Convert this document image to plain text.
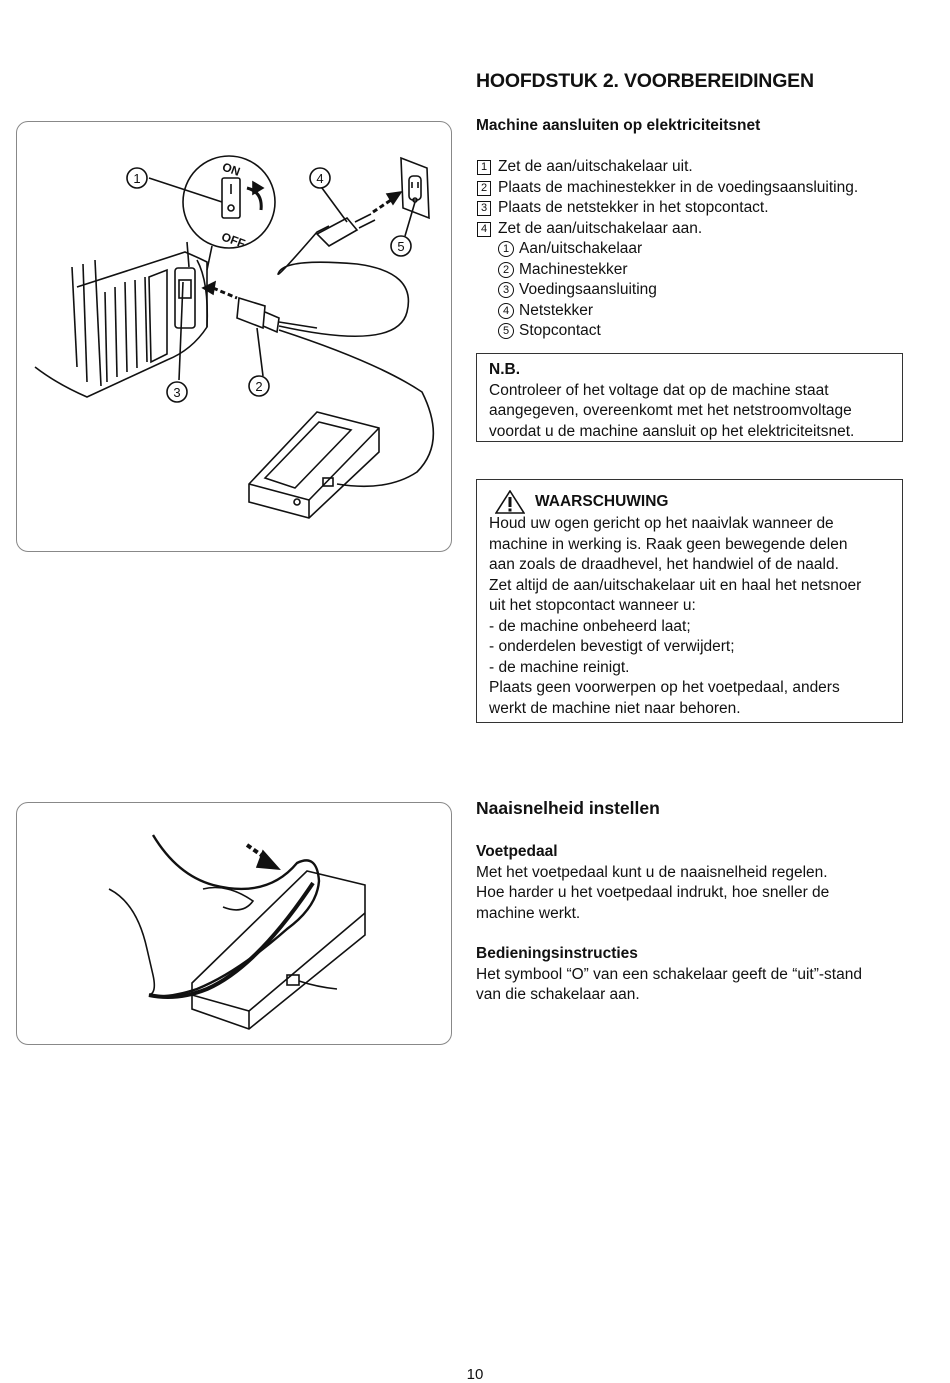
HOOFDSTUK 2. VOORBEREIDINGEN
ON
OFF
1	4
5
3	2
Machine aansluiten op elektriciteitsnet
1 Zet de aan/uitschakelaar uit.
2 Plaats de machinestekker in de voedingsaansluiting.
3 Plaats de netstekker in het stopcontact.
4 Zet de aan/uitschakelaar aan.
1 Aan/uitschakelaar
2 Machinestekker
3 Voedingsaansluiting
4 Netstekker
5 Stopcontact
N.B.
Controleer of het voltage dat op de machine staat
aangegeven, overeenkomt met het netstroomvoltage
voordat u de machine aansluit op het elektriciteitsnet.
WAARSCHUWING
Houd uw ogen gericht op het naaivlak wanneer de
machine in werking is. Raak geen bewegende delen
aan zoals de draadhevel, het handwiel of de naald.
Zet altijd de aan/uitschakelaar uit en haal het netsnoer
uit het stopcontact wanneer u:
- de machine onbeheerd laat;
- onderdelen bevestigt of verwijdert;
- de machine reinigt.
Plaats geen voorwerpen op het voetpedaal, anders
werkt de machine niet naar behoren.
Naaisnelheid instellen
Voetpedaal
Met het voetpedaal kunt u de naaisnelheid regelen.
Hoe harder u het voetpedaal indrukt, hoe sneller de
machine werkt.
Bedieningsinstructies
Het symbool “O” van een schakelaar geeft de “uit”-stand
van die schakelaar aan.
10
